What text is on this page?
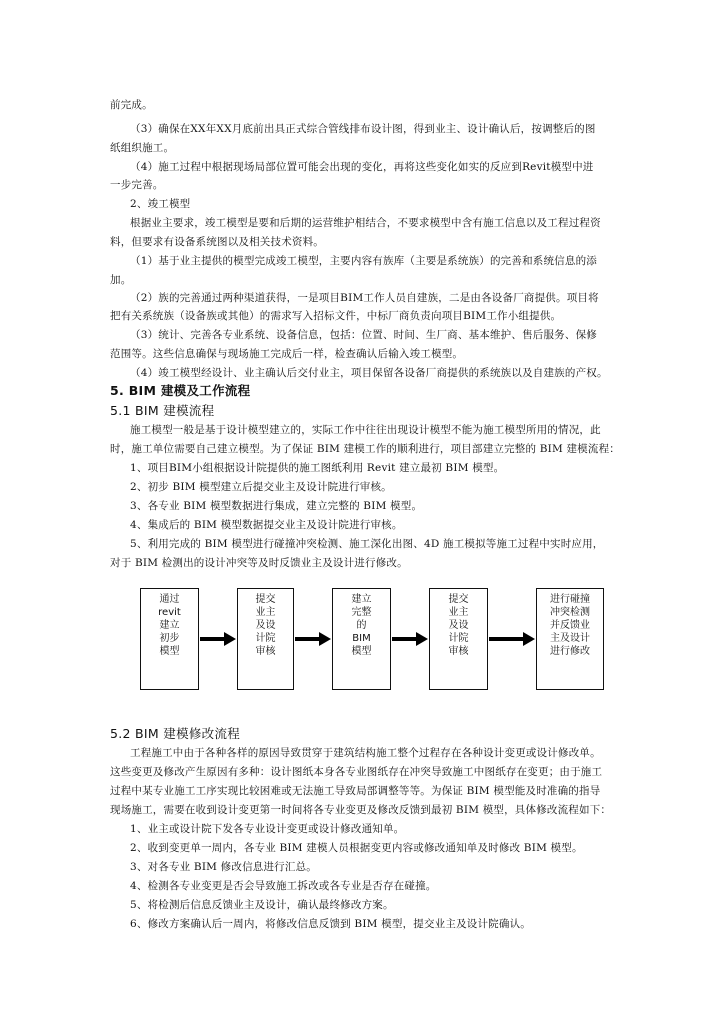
前完成。
（3）确保在XX年XX月底前出具正式综合管线排布设计图，得到业主、设计确认后，按调整后的图
纸组织施工。
（4）施工过程中根据现场局部位置可能会出现的变化，再将这些变化如实的反应到Revit模型中进
一步完善。
2、竣工模型
根据业主要求，竣工模型是要和后期的运营维护相结合，不要求模型中含有施工信息以及工程过程资
料，但要求有设备系统图以及相关技术资料。
（1）基于业主提供的模型完成竣工模型，主要内容有族库（主要是系统族）的完善和系统信息的添
加。
（2）族的完善通过两种渠道获得，一是项目BIM工作人员自建族，二是由各设备厂商提供。项目将
把有关系统族（设备族或其他）的需求写入招标文件，中标厂商负责向项目BIM工作小组提供。
（3）统计、完善各专业系统、设备信息，包括：位置、时间、生厂商、基本维护、售后服务、保修
范围等。这些信息确保与现场施工完成后一样，检查确认后输入竣工模型。
（4）竣工模型经设计、业主确认后交付业主，项目保留各设备厂商提供的系统族以及自建族的产权。
5. BIM 建模及工作流程
5.1 BIM 建模流程
施工模型一般是基于设计模型建立的，实际工作中往往出现设计模型不能为施工模型所用的情况，此
时，施工单位需要自己建立模型。为了保证 BIM 建模工作的顺利进行，项目部建立完整的 BIM 建模流程：
1、项目BIM小组根据设计院提供的施工图纸利用 Revit 建立最初 BIM 模型。
2、初步 BIM 模型建立后提交业主及设计院进行审核。
3、各专业 BIM 模型数据进行集成，建立完整的 BIM 模型。
4、集成后的 BIM 模型数据提交业主及设计院进行审核。
5、利用完成的 BIM 模型进行碰撞冲突检测、施工深化出图、4D 施工模拟等施工过程中实时应用，
对于 BIM 检测出的设计冲突等及时反馈业主及设计进行修改。
通过
revit
建立
初步
模型
提交
业主
及设
计院
审核
建立
完整
的
BIM
模型
提交
业主
及设
计院
审核
进行碰撞
冲突检测
并反馈业
主及设计
进行修改
5.2 BIM 建模修改流程
工程施工中由于各种各样的原因导致贯穿于建筑结构施工整个过程存在各种设计变更或设计修改单。
这些变更及修改产生原因有多种：设计图纸本身各专业图纸存在冲突导致施工中图纸存在变更；由于施工
过程中某专业施工工序实现比较困难或无法施工导致局部调整等等。为保证 BIM 模型能及时准确的指导
现场施工，需要在收到设计变更第一时间将各专业变更及修改反馈到最初 BIM 模型，具体修改流程如下：
1、业主或设计院下发各专业设计变更或设计修改通知单。
2、收到变更单一周内，各专业 BIM 建模人员根据变更内容或修改通知单及时修改 BIM 模型。
3、对各专业 BIM 修改信息进行汇总。
4、检测各专业变更是否会导致施工拆改或各专业是否存在碰撞。
5、将检测后信息反馈业主及设计，确认最终修改方案。
6、修改方案确认后一周内，将修改信息反馈到 BIM 模型，提交业主及设计院确认。
